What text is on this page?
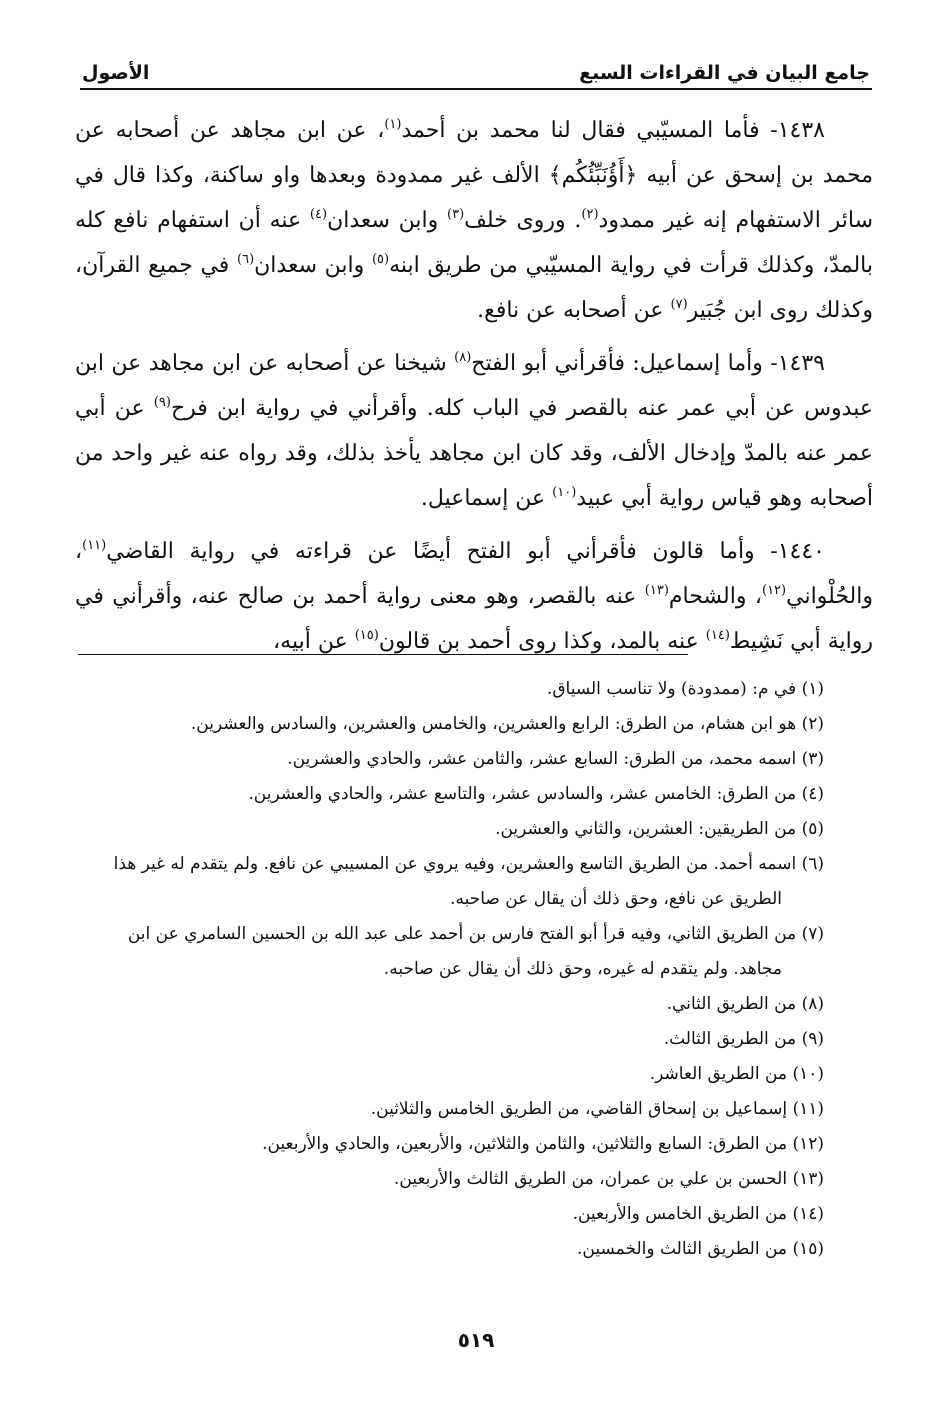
جامع البيان في القراءات السبع
الأصول

١٤٣٨- فأما المسيّبي فقال لنا محمد بن أحمد$^{(١)}$، عن ابن مجاهد عن أصحابه عن محمد بن إسحق عن أبيه ﴿أَؤُنَبِّئُكُم﴾ الألف غير ممدودة وبعدها واو ساكنة، وكذا قال في سائر الاستفهام إنه غير ممدود$^{(٢)}$. وروى خلف$^{(٣)}$ وابن سعدان$^{(٤)}$ عنه أن استفهام نافع كله بالمدّ، وكذلك قرأت في رواية المسيّبي من طريق ابنه$^{(٥)}$ وابن سعدان$^{(٦)}$ في جميع القرآن، وكذلك روى ابن جُبَير$^{(٧)}$ عن أصحابه عن نافع.

١٤٣٩- وأما إسماعيل: فأقرأني أبو الفتح$^{(٨)}$ شيخنا عن أصحابه عن ابن مجاهد عن ابن عبدوس عن أبي عمر عنه بالقصر في الباب كله. وأقرأني في رواية ابن فرح$^{(٩)}$ عن أبي عمر عنه بالمدّ وإدخال الألف، وقد كان ابن مجاهد يأخذ بذلك، وقد رواه عنه غير واحد من أصحابه وهو قياس رواية أبي عبيد$^{(١٠)}$ عن إسماعيل.

١٤٤٠- وأما قالون فأقرأني أبو الفتح أيضًا عن قراءته في رواية القاضي$^{(١١)}$، والحُلْواني$^{(١٢)}$، والشحام$^{(١٣)}$ عنه بالقصر، وهو معنى رواية أحمد بن صالح عنه، وأقرأني في رواية أبي نَشِيط$^{(١٤)}$ عنه بالمد، وكذا روى أحمد بن قالون$^{(١٥)}$ عن أبيه،

(١) في م: (ممدودة) ولا تناسب السياق.
(٢) هو ابن هشام، من الطرق: الرابع والعشرين، والخامس والعشرين، والسادس والعشرين.
(٣) اسمه محمد، من الطرق: السابع عشر، والثامن عشر، والحادي والعشرين.
(٤) من الطرق: الخامس عشر، والسادس عشر، والتاسع عشر، والحادي والعشرين.
(٥) من الطريقين: العشرين، والثاني والعشرين.
(٦) اسمه أحمد. من الطريق التاسع والعشرين، وفيه يروي عن المسيبي عن نافع. ولم يتقدم له غير هذا الطريق عن نافع، وحق ذلك أن يقال عن صاحبه.
(٧) من الطريق الثاني، وفيه قرأ أبو الفتح فارس بن أحمد على عبد الله بن الحسين السامري عن ابن مجاهد. ولم يتقدم له غيره، وحق ذلك أن يقال عن صاحبه.
(٨) من الطريق الثاني.
(٩) من الطريق الثالث.
(١٠) من الطريق العاشر.
(١١) إسماعيل بن إسحاق القاضي، من الطريق الخامس والثلاثين.
(١٢) من الطرق: السابع والثلاثين، والثامن والثلاثين، والأربعين، والحادي والأربعين.
(١٣) الحسن بن علي بن عمران، من الطريق الثالث والأربعين.
(١٤) من الطريق الخامس والأربعين.
(١٥) من الطريق الثالث والخمسين.
٥١٩
